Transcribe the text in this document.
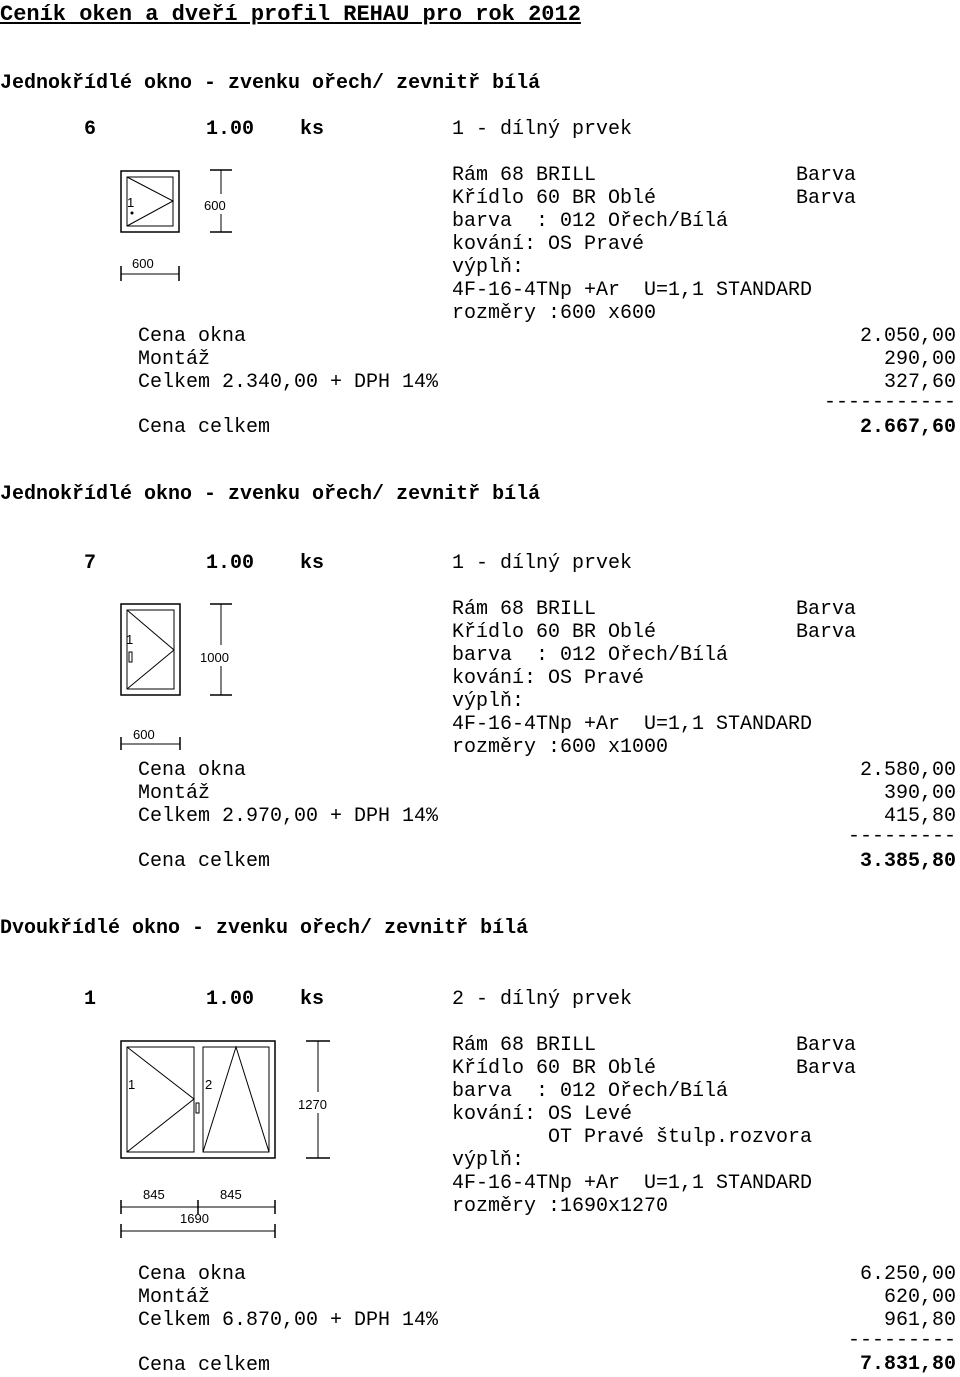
Ceník oken a dveří profil REHAU pro rok 2012
Jednokřídlé okno - zvenku ořech/ zevnitř bílá
6	1.00 ks	1 - dílný prvek
Rám 68 BRILL	Barva
Křídlo 60 BR Oblé	Barva
barva  : 012 Ořech/Bílá
kování: OS Pravé
výplň:
4F-16-4TNp +Ar  U=1,1 STANDARD
rozměry :600 x600
Cena okna	2.050,00
Montáž	290,00
Celkem 2.340,00 + DPH 14%	327,60
-----------
Cena celkem	2.667,60
1	600
600
Jednokřídlé okno - zvenku ořech/ zevnitř bílá
7	1.00 ks	1 - dílný prvek
Rám 68 BRILL	Barva
Křídlo 60 BR Oblé	Barva
barva  : 012 Ořech/Bílá
kování: OS Pravé
výplň:
4F-16-4TNp +Ar  U=1,1 STANDARD
rozměry :600 x1000
Cena okna	2.580,00
Montáž	390,00
Celkem 2.970,00 + DPH 14%	415,80
---------
Cena celkem	3.385,80
1
1000
600
Dvoukřídlé okno - zvenku ořech/ zevnitř bílá
1	1.00 ks	2 - dílný prvek
Rám 68 BRILL	Barva
Křídlo 60 BR Oblé	Barva
barva  : 012 Ořech/Bílá
kování: OS Levé
OT Pravé štulp.rozvora
výplň:
4F-16-4TNp +Ar  U=1,1 STANDARD
rozměry :1690x1270
Cena okna	6.250,00
Montáž	620,00
Celkem 6.870,00 + DPH 14%	961,80
---------
Cena celkem	7.831,80
1	2
1270
845	845
1690
